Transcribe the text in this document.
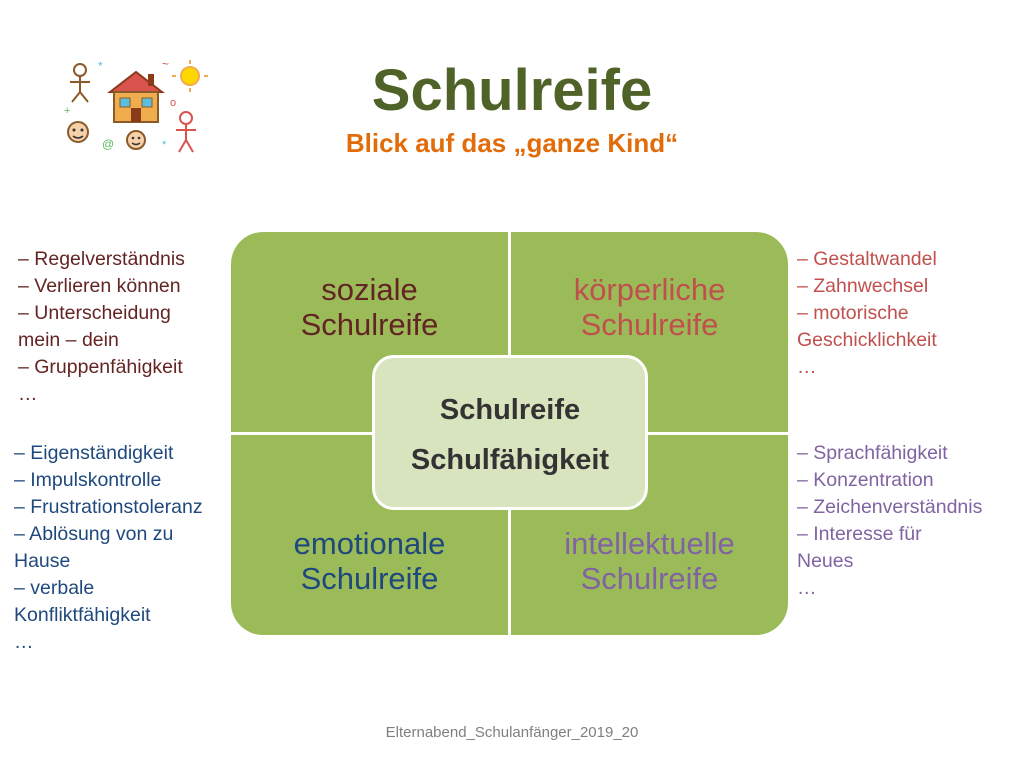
*	~
+
@	*
o	Schulreife
Blick auf das „ganze Kind“
soziale
Schulreife
körperliche
Schulreife
emotionale
Schulreife
intellektuelle
Schulreife
Schulreife
Schulfähigkeit
– Regelverständnis
– Verlieren können
– Unterscheidung
mein – dein
– Gruppenfähigkeit
…
– Eigenständigkeit
– Impulskontrolle
– Frustrationstoleranz
– Ablösung von zu
Hause
– verbale
Konfliktfähigkeit
…
– Gestaltwandel
– Zahnwechsel
– motorische
Geschicklichkeit
…
– Sprachfähigkeit
– Konzentration
– Zeichenverständnis
– Interesse für
Neues
…
Elternabend_Schulanfänger_2019_20
